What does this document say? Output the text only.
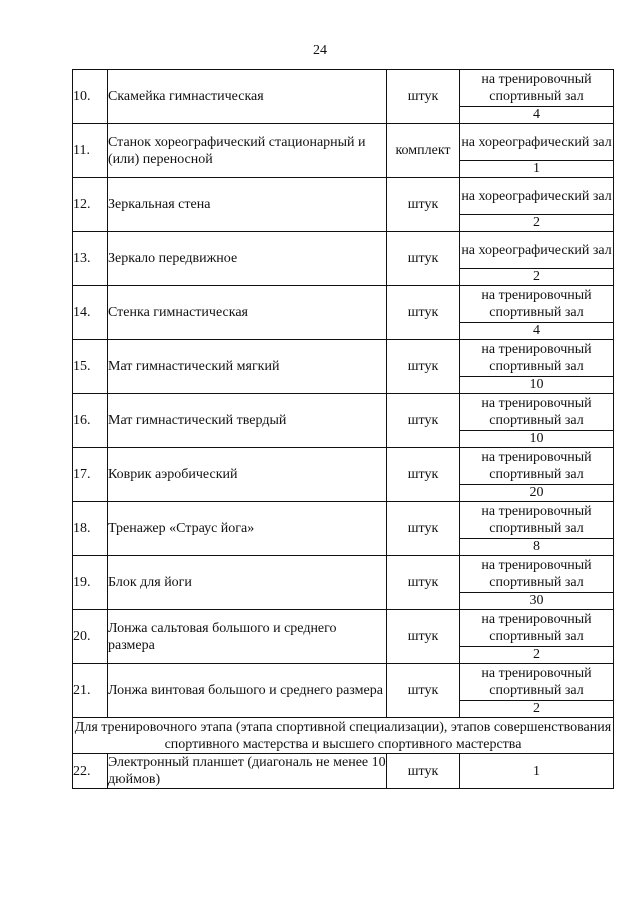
24
10.	Скамейка гимнастическая	штук	на тренировочный спортивный зал
4

11.	Станок хореографический стационарный и (или) переносной	комплект	на хореографический зал
1

12.	Зеркальная стена	штук	на хореографический зал
2

13.	Зеркало передвижное	штук	на хореографический зал
2

14.	Стенка гимнастическая	штук	на тренировочный спортивный зал
4

15.	Мат гимнастический мягкий	штук	на тренировочный спортивный зал
10

16.	Мат гимнастический твердый	штук	на тренировочный спортивный зал
10

17.	Коврик аэробический	штук	на тренировочный спортивный зал
20

18.	Тренажер «Страус йога»	штук	на тренировочный спортивный зал
8

19.	Блок для йоги	штук	на тренировочный спортивный зал
30

20.	Лонжа сальтовая большого и среднего размера	штук	на тренировочный спортивный зал
2

21.	Лонжа винтовая большого и среднего размера	штук	на тренировочный спортивный зал
2

Для тренировочного этапа (этапа спортивной специализации), этапов совершенствования спортивного мастерства и высшего спортивного мастерства			
22.	Электронный планшет (диагональ не менее 10 дюймов)	штук	1
